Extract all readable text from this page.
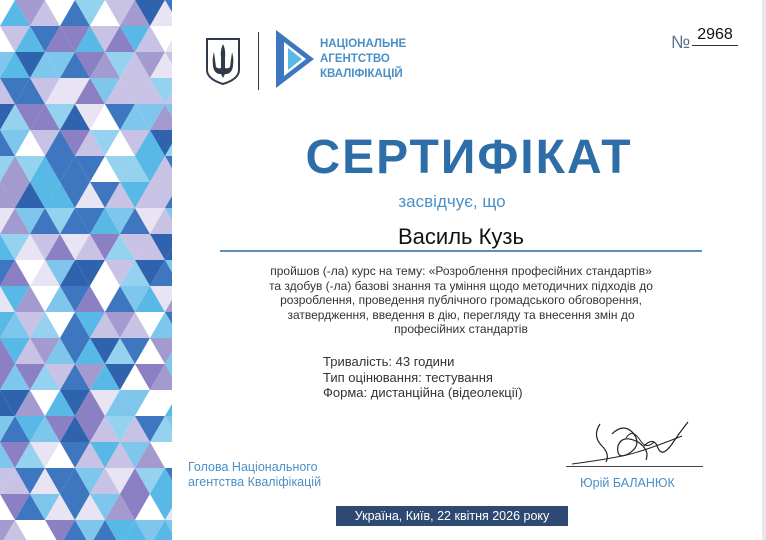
НАЦІОНАЛЬНЕ
АГЕНТСТВО
КВАЛІФІКАЦІЙ
№ 2968
СЕРТИФІКАТ
засвідчує, що
Василь Кузь
пройшов (-ла) курс на тему: «Розроблення професійних стандартів»
та здобув (-ла) базові знання та уміння щодо методичних підходів до
розроблення, проведення публічного громадського обговорення,
затвердження, введення в дію, перегляду та внесення змін до
професійних стандартів
Тривалість: 43 години
Тип оцінювання: тестування
Форма: дистанційна (відеолекції)
Голова Національного
агентства Кваліфікацій	Юрій БАЛАНЮК
Україна, Київ, 22 квітня 2026 року
